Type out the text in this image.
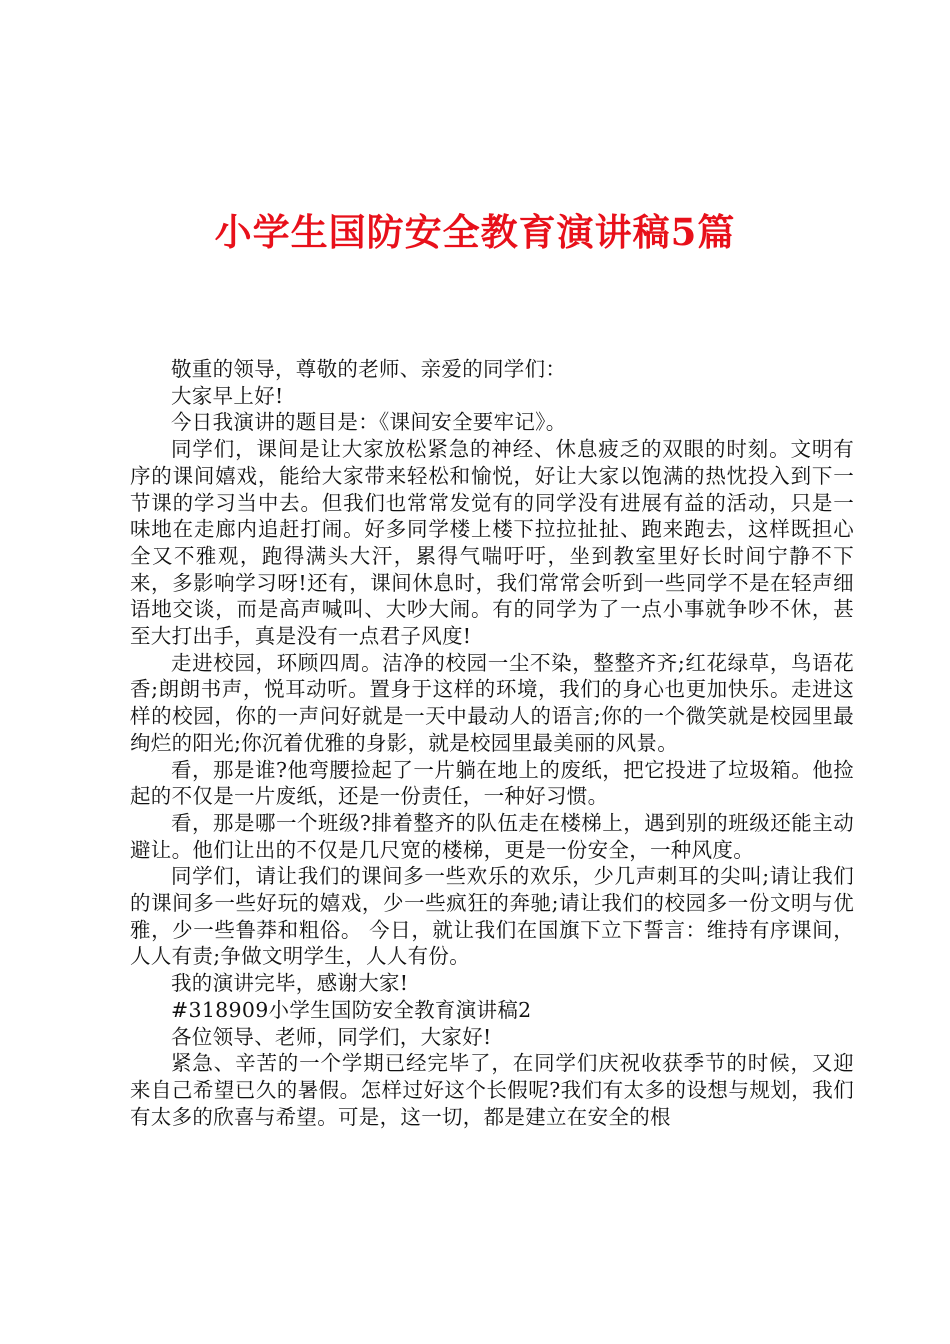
小学生国防安全教育演讲稿5篇

敬重的领导，尊敬的老师、亲爱的同学们：

大家早上好!

今日我演讲的题目是：《课间安全要牢记》。

同学们，课间是让大家放松紧急的神经、休息疲乏的双眼的时刻。文明有序的课间嬉戏，能给大家带来轻松和愉悦，好让大家以饱满的热忱投入到下一节课的学习当中去。但我们也常常发觉有的同学没有进展有益的活动，只是一味地在走廊内追赶打闹。好多同学楼上楼下拉拉扯扯、跑来跑去，这样既担心全又不雅观，跑得满头大汗，累得气喘吁吁，坐到教室里好长时间宁静不下来，多影响学习呀!还有，课间休息时，我们常常会听到一些同学不是在轻声细语地交谈，而是高声喊叫、大吵大闹。有的同学为了一点小事就争吵不休，甚至大打出手，真是没有一点君子风度!

走进校园，环顾四周。洁净的校园一尘不染，整整齐齐;红花绿草，鸟语花香;朗朗书声，悦耳动听。置身于这样的环境，我们的身心也更加快乐。走进这样的校园，你的一声问好就是一天中最动人的语言;你的一个微笑就是校园里最绚烂的阳光;你沉着优雅的身影，就是校园里最美丽的风景。

看，那是谁?他弯腰捡起了一片躺在地上的废纸，把它投进了垃圾箱。他捡起的不仅是一片废纸，还是一份责任，一种好习惯。

看，那是哪一个班级?排着整齐的队伍走在楼梯上，遇到别的班级还能主动避让。他们让出的不仅是几尺宽的楼梯，更是一份安全，一种风度。

同学们，请让我们的课间多一些欢乐的欢乐，少几声刺耳的尖叫;请让我们的课间多一些好玩的嬉戏，少一些疯狂的奔驰;请让我们的校园多一份文明与优雅，少一些鲁莽和粗俗。 今日，就让我们在国旗下立下誓言：维持有序课间，人人有责;争做文明学生，人人有份。

我的演讲完毕，感谢大家!

#318909小学生国防安全教育演讲稿2

各位领导、老师，同学们，大家好!

紧急、辛苦的一个学期已经完毕了，在同学们庆祝收获季节的时候，又迎来自己希望已久的暑假。怎样过好这个长假呢?我们有太多的设想与规划，我们有太多的欣喜与希望。可是，这一切，都是建立在安全的根
